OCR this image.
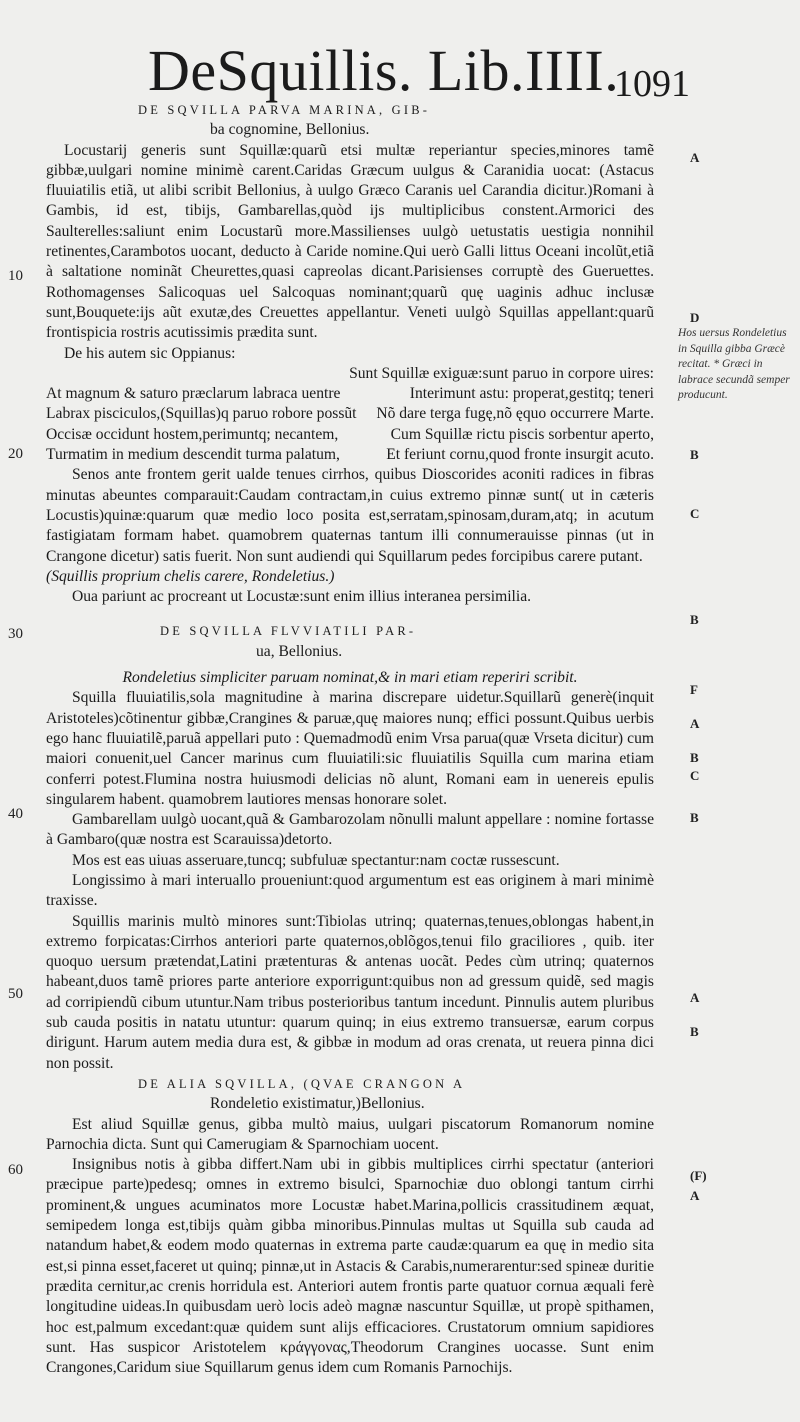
DeSquillis. Lib.IIII.
1091

DE SQVILLA PARVA MARINA, GIB-

ba cognomine, Bellonius.

Locustarij generis sunt Squillæ:quarũ etsi multæ reperiantur species,minores tamẽ gibbæ,uulgari nomine minimè carent.Caridas Græcum uulgus & Caranidia uocat: (Astacus fluuiatilis etiã, ut alibi scribit Bellonius, à uulgo Græco Caranis uel Carandia dicitur.)Romani à Gambis, id est, tibijs, Gambarellas,quòd ijs multiplicibus constent.Armorici des Saulterelles:saliunt enim Locustarũ more.Massilienses uulgò uetustatis uestigia nonnihil retinentes,Carambotos uocant, deducto à Caride nomine.Qui uerò Galli littus Oceani incolũt,etiã à saltatione nominãt Cheurettes,quasi capreolas dicant.Parisienses corruptè des Gueruettes. Rothomagenses Salicoquas uel Salcoquas nominant;quarũ quę uaginis adhuc inclusæ sunt,Bouquete:ijs aũt exutæ,des Creuettes appellantur. Veneti uulgò Squillas appellant:quarũ frontispicia rostris acutissimis prædita sunt.

De his autem sic Oppianus:

Sunt Squillæ exiguæ:sunt paruo in corpore uires:
At magnum & saturo præclarum labraca uentre	Interimunt astu: properat,gestitq; teneri
Labrax pisciculos,(Squillas)q paruo robore possũt Nõ dare terga fugę,nõ ęquo occurrere Marte.
Occisæ occidunt hostem,perimuntq; necantem,	Cum Squillæ rictu piscis sorbentur aperto,
Turmatim in medium descendit turma palatum,	Et feriunt cornu,quod fronte insurgit acuto.

Senos ante frontem gerit ualde tenues cirrhos, quibus Dioscorides aconiti radices in fibras minutas abeuntes comparauit:Caudam contractam,in cuius extremo pinnæ sunt( ut in cæteris Locustis)quinæ:quarum quæ medio loco posita est,serratam,spinosam,duram,atq; in acutum fastigiatam formam habet. quamobrem quaternas tantum illi connumerauisse pinnas (ut in Crangone dicetur) satis fuerit. Non sunt audiendi qui Squillarum pedes forcipibus carere putant.

(Squillis proprium chelis carere, Rondeletius.)

Oua pariunt ac procreant ut Locustæ:sunt enim illius interanea persimilia.

DE SQVILLA FLVVIATILI PAR-

ua, Bellonius.

Rondeletius simpliciter paruam nominat,& in mari etiam reperiri scribit.

Squilla fluuiatilis,sola magnitudine à marina discrepare uidetur.Squillarũ generè(inquit Aristoteles)cõtinentur gibbæ,Crangines & paruæ,quę maiores nunq; effici possunt.Quibus uerbis ego hanc fluuiatilẽ,paruã appellari puto : Quemadmodũ enim Vrsa parua(quæ Vrseta dicitur) cum maiori conuenit,uel Cancer marinus cum fluuiatili:sic fluuiatilis Squilla cum marina etiam conferri potest.Flumina nostra huiusmodi delicias nõ alunt, Romani eam in uenereis epulis singularem habent. quamobrem lautiores mensas honorare solet.

Gambarellam uulgò uocant,quã & Gambarozolam nõnulli malunt appellare : nomine fortasse à Gambaro(quæ nostra est Scarauissa)detorto.

Mos est eas uiuas asseruare,tuncq; subfuluæ spectantur:nam coctæ russescunt.

Longissimo à mari interuallo proueniunt:quod argumentum est eas originem à mari minimè traxisse.

Squillis marinis multò minores sunt:Tibiolas utrinq; quaternas,tenues,oblongas habent,in extremo forpicatas:Cirrhos anteriori parte quaternos,oblõgos,tenui filo graciliores , quib. iter quoquo uersum prætendat,Latini prætenturas & antenas uocãt. Pedes cùm utrinq; quaternos habeant,duos tamẽ priores parte anteriore exporrigunt:quibus non ad gressum quidẽ, sed magis ad corripiendũ cibum utuntur.Nam tribus posterioribus tantum incedunt. Pinnulis autem pluribus sub cauda positis in natatu utuntur: quarum quinq; in eius extremo transuersæ, earum corpus dirigunt. Harum autem media dura est, & gibbæ in modum ad oras crenata, ut reuera pinna dici non possit.

DE ALIA SQVILLA, (QVAE CRANGON A

Rondeletio existimatur,)Bellonius.

Est aliud Squillæ genus, gibba multò maius, uulgari piscatorum Romanorum nomine Parnochia dicta. Sunt qui Camerugiam & Sparnochiam uocent.

Insignibus notis à gibba differt.Nam ubi in gibbis multiplices cirrhi spectatur (anteriori præcipue parte)pedesq; omnes in extremo bisulci, Sparnochiæ duo oblongi tantum cirrhi prominent,& ungues acuminatos more Locustæ habet.Marina,pollicis crassitudinem æquat, semipedem longa est,tibijs quàm gibba minoribus.Pinnulas multas ut Squilla sub cauda ad natandum habet,& eodem modo quaternas in extrema parte caudæ:quarum ea quę in medio sita est,si pinna esset,faceret ut quinq; pinnæ,ut in Astacis & Carabis,numerarentur:sed spineæ duritie prædita cernitur,ac crenis horridula est. Anteriori autem frontis parte quatuor cornua æquali ferè longitudine uideas.In quibusdam uerò locis adeò magnæ nascuntur Squillæ, ut propè spithamen, hoc est,palmum excedant:quæ quidem sunt alijs efficaciores. Crustatorum omnium sapidiores sunt. Has suspicor Aristotelem κράγγονας,Theodorum Crangines uocasse. Sunt enim Crangones,Caridum siue Squillarum genus idem cum Romanis Parnochijs.

10
20
30
40
50
60
A
D
B
C
B
F
A
B
C
B
A
B
(F)
A
Hos uersus Rondeletius in Squilla gibba Græcè recitat. * Græci in labrace secundã semper producunt.
